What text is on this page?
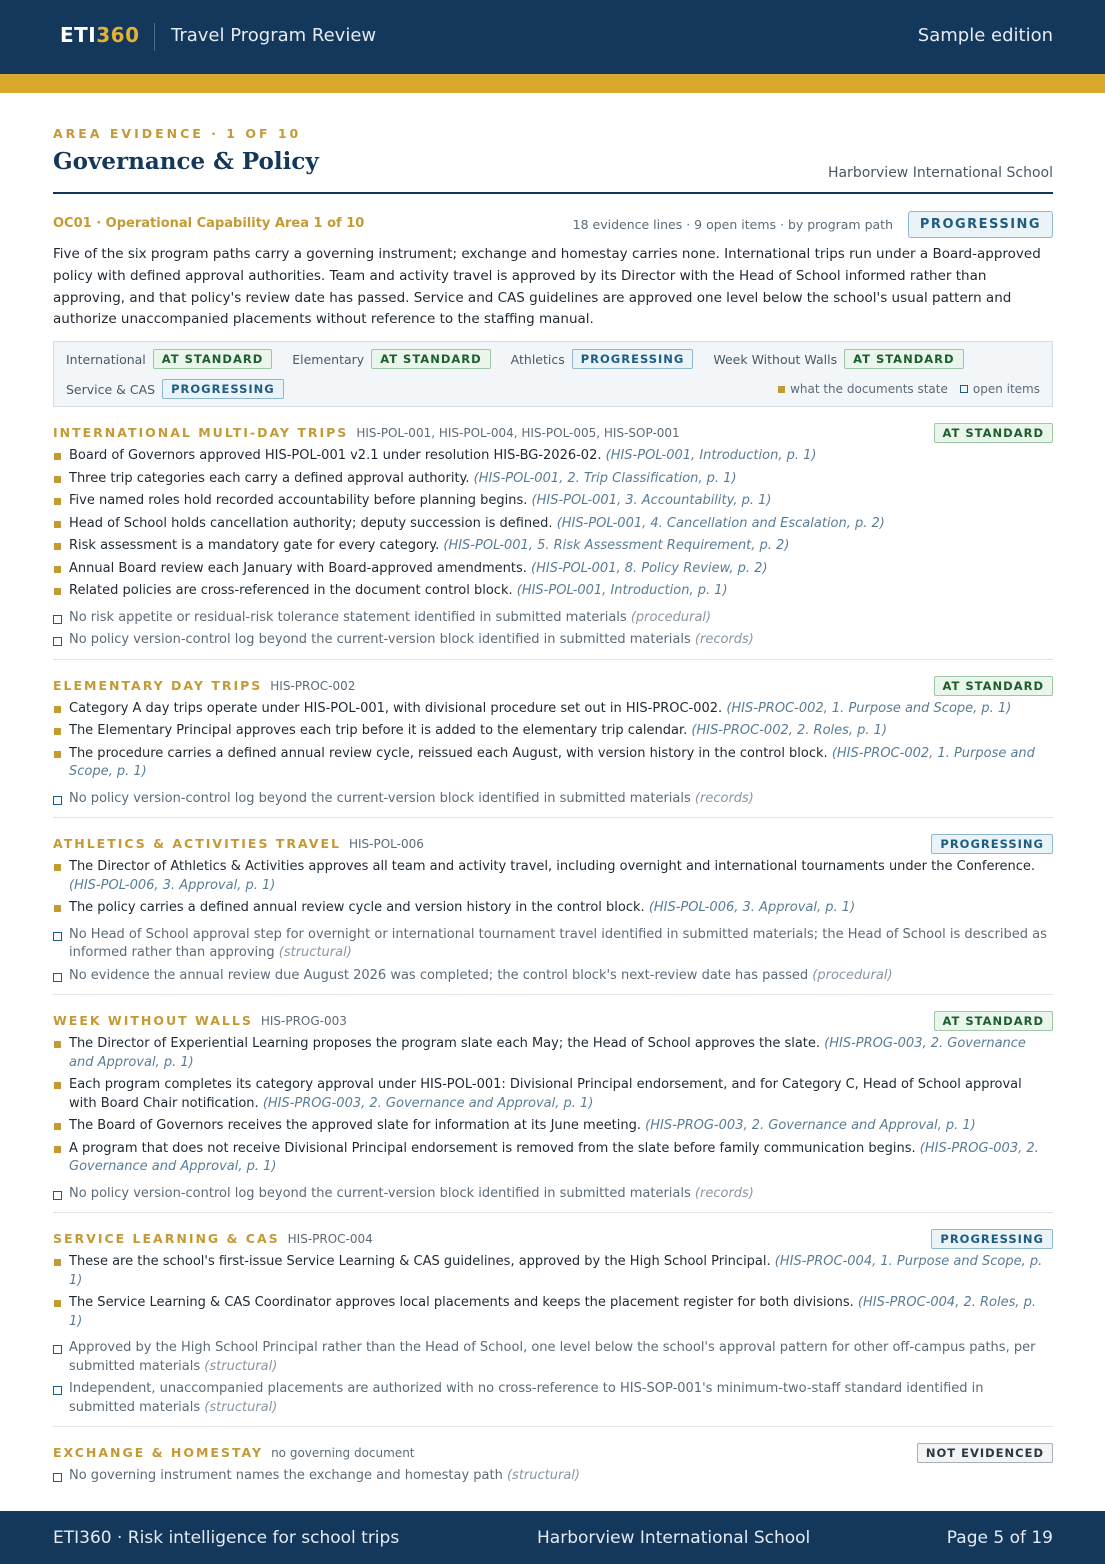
ETI360 Travel Program Review	Sample edition
AREA EVIDENCE · 1 OF 10
Governance & Policy	Harborview International School
OC01 · Operational Capability Area 1 of 10	18 evidence lines · 9 open items · by program path	PROGRESSING

Five of the six program paths carry a governing instrument; exchange and homestay carries none. International trips run under a Board-approved policy with defined approval authorities. Team and activity travel is approved by its Director with the Head of School informed rather than approving, and that policy's review date has passed. Service and CAS guidelines are approved one level below the school's usual pattern and authorize unaccompanied placements without reference to the staffing manual.

International	AT STANDARD	Elementary	AT STANDARD	Athletics	PROGRESSING	Week Without Walls	AT STANDARD
Service & CAS	PROGRESSING	what the documents state open items
INTERNATIONAL MULTI-DAY TRIPS HIS-POL-001, HIS-POL-004, HIS-POL-005, HIS-SOP-001	AT STANDARD
Board of Governors approved HIS-POL-001 v2.1 under resolution HIS-BG-2026-02. (HIS-POL-001, Introduction, p. 1)
Three trip categories each carry a defined approval authority. (HIS-POL-001, 2. Trip Classification, p. 1)
Five named roles hold recorded accountability before planning begins. (HIS-POL-001, 3. Accountability, p. 1)
Head of School holds cancellation authority; deputy succession is defined. (HIS-POL-001, 4. Cancellation and Escalation, p. 2)
Risk assessment is a mandatory gate for every category. (HIS-POL-001, 5. Risk Assessment Requirement, p. 2)
Annual Board review each January with Board-approved amendments. (HIS-POL-001, 8. Policy Review, p. 2)
Related policies are cross-referenced in the document control block. (HIS-POL-001, Introduction, p. 1)
No risk appetite or residual-risk tolerance statement identified in submitted materials (procedural)
No policy version-control log beyond the current-version block identified in submitted materials (records)
ELEMENTARY DAY TRIPS HIS-PROC-002	AT STANDARD
Category A day trips operate under HIS-POL-001, with divisional procedure set out in HIS-PROC-002. (HIS-PROC-002, 1. Purpose and Scope, p. 1)
The Elementary Principal approves each trip before it is added to the elementary trip calendar. (HIS-PROC-002, 2. Roles, p. 1)
The procedure carries a defined annual review cycle, reissued each August, with version history in the control block. (HIS-PROC-002, 1. Purpose and Scope, p. 1)
No policy version-control log beyond the current-version block identified in submitted materials (records)
ATHLETICS & ACTIVITIES TRAVEL HIS-POL-006	PROGRESSING
The Director of Athletics & Activities approves all team and activity travel, including overnight and international tournaments under the Conference. (HIS-POL-006, 3. Approval, p. 1)
The policy carries a defined annual review cycle and version history in the control block. (HIS-POL-006, 3. Approval, p. 1)
No Head of School approval step for overnight or international tournament travel identified in submitted materials; the Head of School is described as informed rather than approving (structural)
No evidence the annual review due August 2026 was completed; the control block's next-review date has passed (procedural)
WEEK WITHOUT WALLS HIS-PROG-003	AT STANDARD
The Director of Experiential Learning proposes the program slate each May; the Head of School approves the slate. (HIS-PROG-003, 2. Governance and Approval, p. 1)
Each program completes its category approval under HIS-POL-001: Divisional Principal endorsement, and for Category C, Head of School approval with Board Chair notification. (HIS-PROG-003, 2. Governance and Approval, p. 1)
The Board of Governors receives the approved slate for information at its June meeting. (HIS-PROG-003, 2. Governance and Approval, p. 1)
A program that does not receive Divisional Principal endorsement is removed from the slate before family communication begins. (HIS-PROG-003, 2. Governance and Approval, p. 1)
No policy version-control log beyond the current-version block identified in submitted materials (records)
SERVICE LEARNING & CAS HIS-PROC-004	PROGRESSING
These are the school's first-issue Service Learning & CAS guidelines, approved by the High School Principal. (HIS-PROC-004, 1. Purpose and Scope, p. 1)
The Service Learning & CAS Coordinator approves local placements and keeps the placement register for both divisions. (HIS-PROC-004, 2. Roles, p. 1)
Approved by the High School Principal rather than the Head of School, one level below the school's approval pattern for other off-campus paths, per submitted materials (structural)
Independent, unaccompanied placements are authorized with no cross-reference to HIS-SOP-001's minimum-two-staff standard identified in submitted materials (structural)
EXCHANGE & HOMESTAY no governing document	NOT EVIDENCED
No governing instrument names the exchange and homestay path (structural)
ETI360 · Risk intelligence for school trips	Harborview International School	Page 5 of 19
